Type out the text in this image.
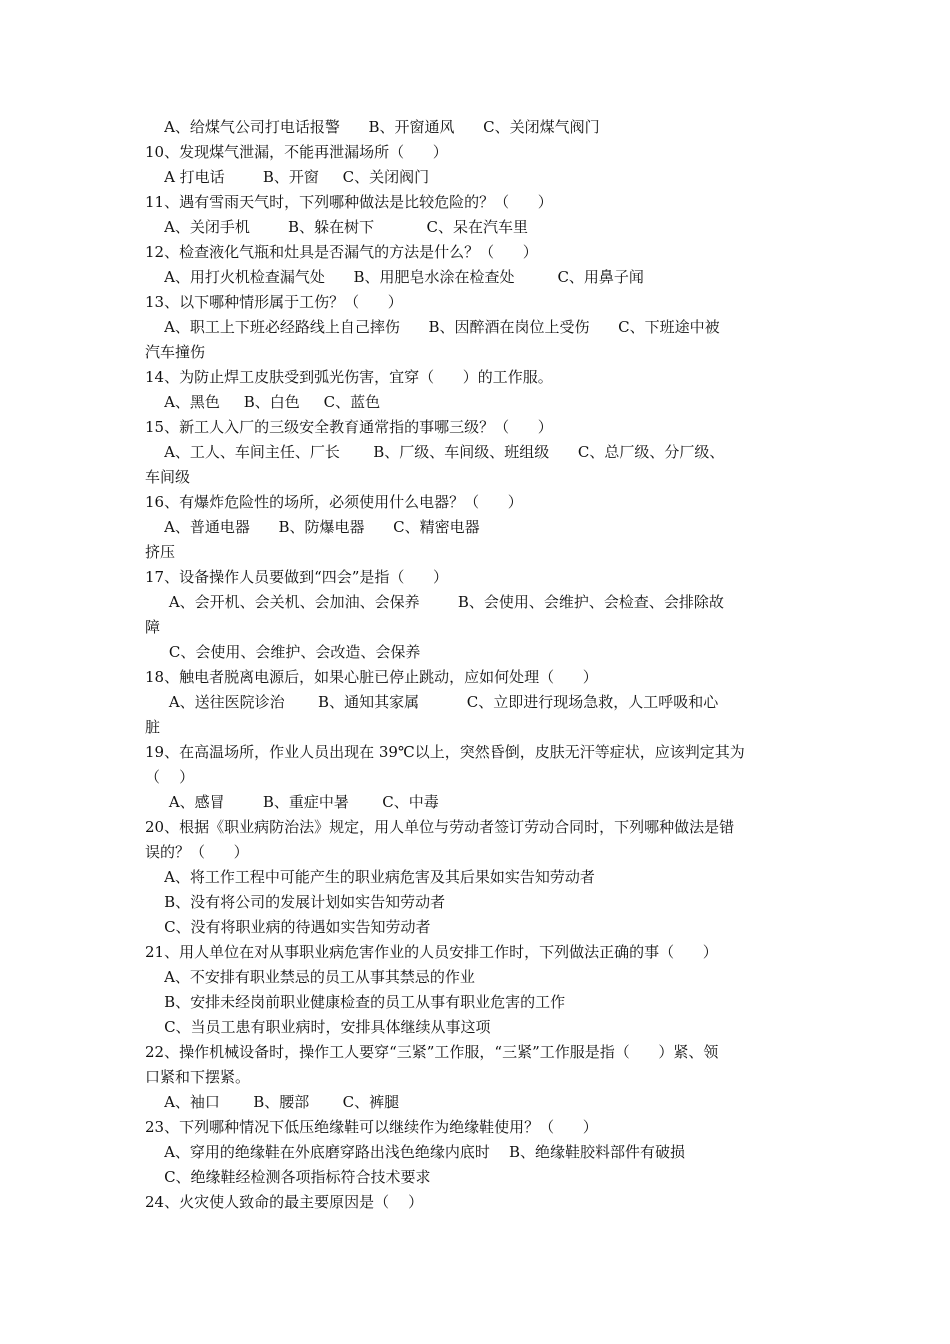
A、给煤气公司打电话报警      B、开窗通风      C、关闭煤气阀门
10、发现煤气泄漏，不能再泄漏场所（      ）
A 打电话        B、开窗     C、关闭阀门
11、遇有雪雨天气时，下列哪种做法是比较危险的？（      ）
A、关闭手机        B、躲在树下           C、呆在汽车里
12、检查液化气瓶和灶具是否漏气的方法是什么？（      ）
A、用打火机检查漏气处      B、用肥皂水涂在检查处         C、用鼻子闻
13、以下哪种情形属于工伤？（      ）
A、职工上下班必经路线上自己摔伤      B、因醉酒在岗位上受伤      C、下班途中被
汽车撞伤
14、为防止焊工皮肤受到弧光伤害，宜穿（      ）的工作服。
A、黑色     B、白色     C、蓝色
15、新工人入厂的三级安全教育通常指的事哪三级？（      ）
A、工人、车间主任、厂长       B、厂级、车间级、班组级      C、总厂级、分厂级、
车间级
16、有爆炸危险性的场所，必须使用什么电器？（      ）
A、普通电器      B、防爆电器      C、精密电器
挤压
17、设备操作人员要做到“四会”是指（      ）
A、会开机、会关机、会加油、会保养        B、会使用、会维护、会检查、会排除故
障
C、会使用、会维护、会改造、会保养
18、触电者脱离电源后，如果心脏已停止跳动，应如何处理（      ）
A、送往医院诊治       B、通知其家属          C、立即进行现场急救，人工呼吸和心
脏
19、在高温场所，作业人员出现在 39℃以上，突然昏倒，皮肤无汗等症状，应该判定其为
（    ）
A、感冒        B、重症中暑       C、中毒
20、根据《职业病防治法》规定，用人单位与劳动者签订劳动合同时，下列哪种做法是错
误的？（      ）
A、将工作工程中可能产生的职业病危害及其后果如实告知劳动者
B、没有将公司的发展计划如实告知劳动者
C、没有将职业病的待遇如实告知劳动者
21、用人单位在对从事职业病危害作业的人员安排工作时，下列做法正确的事（      ）
A、不安排有职业禁忌的员工从事其禁忌的作业
B、安排未经岗前职业健康检查的员工从事有职业危害的工作
C、当员工患有职业病时，安排具体继续从事这项
22、操作机械设备时，操作工人要穿“三紧”工作服，“三紧”工作服是指（      ）紧、领
口紧和下摆紧。
A、袖口       B、腰部       C、裤腿
23、下列哪种情况下低压绝缘鞋可以继续作为绝缘鞋使用？（      ）
A、穿用的绝缘鞋在外底磨穿路出浅色绝缘内底时    B、绝缘鞋胶料部件有破损
C、绝缘鞋经检测各项指标符合技术要求
24、火灾使人致命的最主要原因是（    ）
